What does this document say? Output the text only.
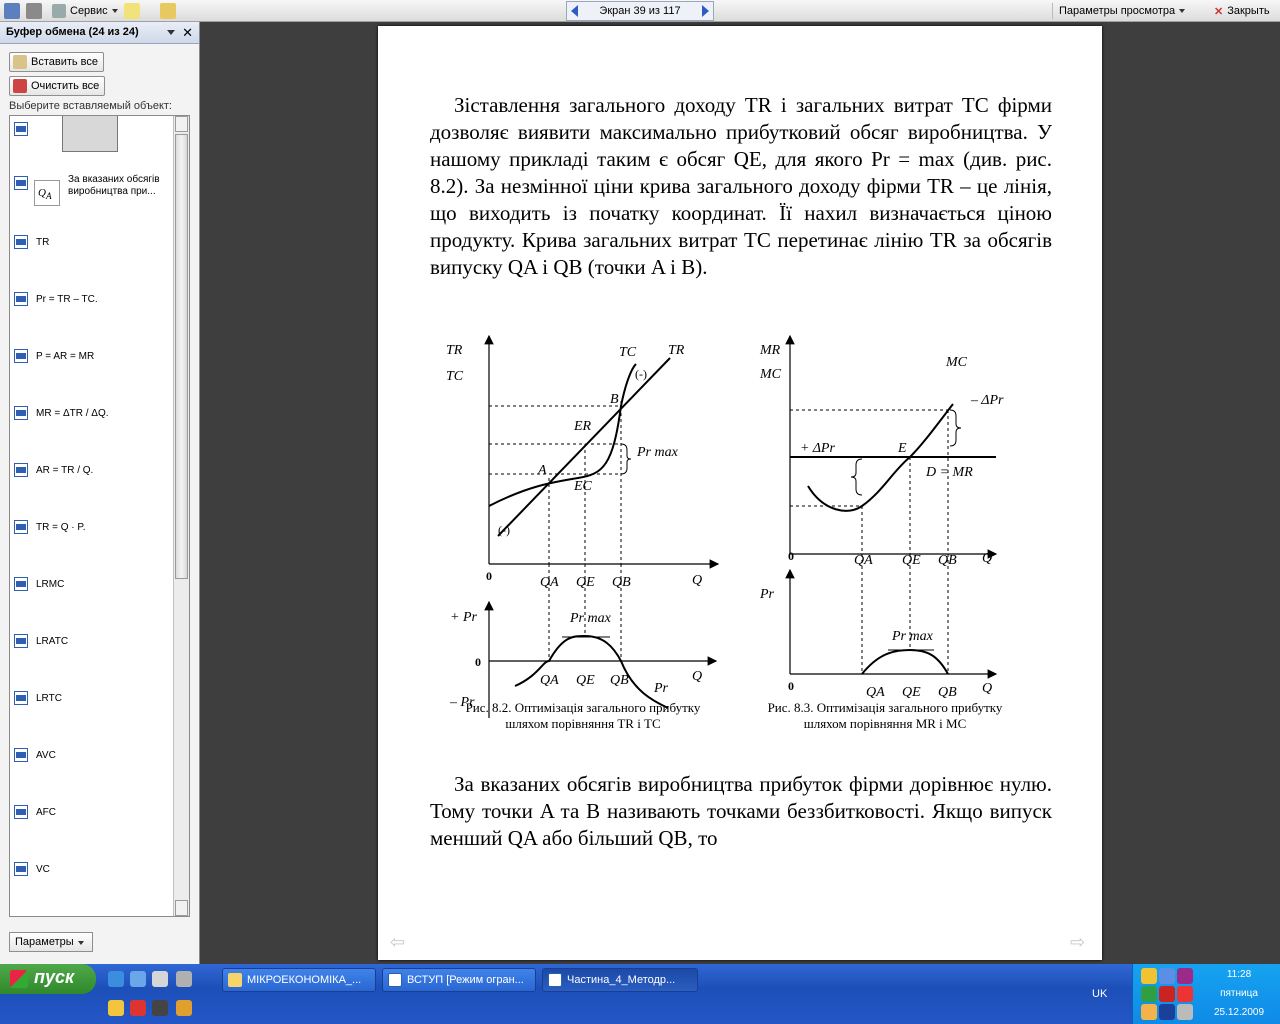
Сервис	Экран 39 из 117	Параметры просмотра	✕ Закрыть
Буфер обмена (24 из 24)	✕
Вставить все
Очистить все
Выберите вставляемый объект:
$Q_A$
За вказаних обсягів виробництва при...
TR
Pr = TR – TC.
P = AR = MR
MR = ΔTR / ΔQ.
AR = TR / Q.
TR = Q · P.
LRMC
LRATC
LRTC
AVC
AFC
VC
Параметры

Зіставлення загального доходу TR і загальних витрат TC фірми дозволяє виявити максимально прибутковий обсяг виробництва. У нашому прикладі таким є обсяг QE, для якого Pr = max (див. рис. 8.2). За незмінної ціни крива загального доходу фірми TR – це лінія, що виходить із початку координат. Її нахил визначається ціною продукту. Крива загальних витрат TC перетинає лінію TR за обсягів випуску QA і QB (точки A і B).

TR
TC
TC TR
(-)
(-)
B
ER
A
EC
Pr max
0	QA QE QB	Q
+ Pr
– Pr
0
Pr max
QA QE QB	Q
Pr
MR
MC
MC
– ΔPr
+ ΔPr	E
D = MR
0	QA QE QB Q
Pr
Pr max
0	QA QE QB Q
Рис. 8.2. Оптимізація загального прибутку
шляхом порівняння TR і TC
Рис. 8.3. Оптимізація загального прибутку
шляхом порівняння MR і MC

За вказаних обсягів виробництва прибуток фірми дорівнює нулю. Тому точки A та B називають точками беззбитковості. Якщо випуск менший QA або більший QB, то

⇦	⇨
пуск	МІКРОЕКОНОМІКА_...	ВСТУП [Режим огран...	Частина_4_Методр...
UK
11:28
пятница
25.12.2009
